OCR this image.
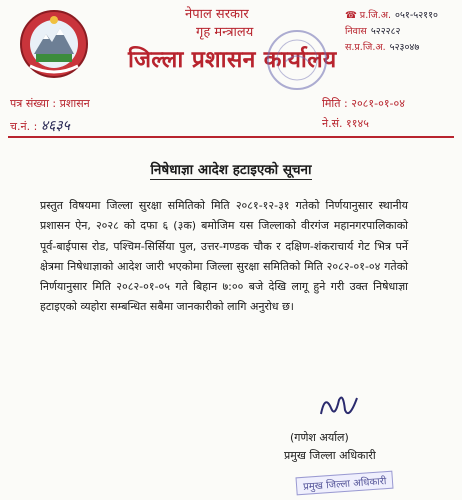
नेपाल सरकार
गृह मन्त्रालय
जिल्ला प्रशासन कार्यालय
☎ प्र.जि.अ. ०५१-५२११०
निवास ५२२२८२
स.प्र.जि.अ. ५२३०४७
पत्र संख्या : प्रशासन
च.नं. : ४६३५
मिति : २०८१-०१-०४
ने.सं. ११४५
निषेधाज्ञा आदेश हटाइएको सूचना
प्रस्तुत विषयमा जिल्ला सुरक्षा समितिको मिति २०८१-१२-३१ गतेको निर्णयानुसार स्थानीय प्रशासन ऐन, २०२८ को दफा ६ (३क) बमोजिम यस जिल्लाको वीरगंज महानगरपालिकाको पूर्व-बाईपास रोड, पश्चिम-सिर्सिया पुल, उत्तर-गण्डक चौक र दक्षिण-शंकराचार्य गेट भित्र पर्ने क्षेत्रमा निषेधाज्ञाको आदेश जारी भएकोमा जिल्ला सुरक्षा समितिको मिति २०८२-०१-०४ गतेको निर्णयानुसार मिति २०८२-०१-०५ गते बिहान ७:०० बजे देखि लागू हुने गरी उक्त निषेधाज्ञा हटाइएको व्यहोरा सम्बन्धित सबैमा जानकारीको लागि अनुरोध छ।
(गणेश अर्याल)
प्रमुख जिल्ला अधिकारी
प्रमुख जिल्ला अधिकारी
